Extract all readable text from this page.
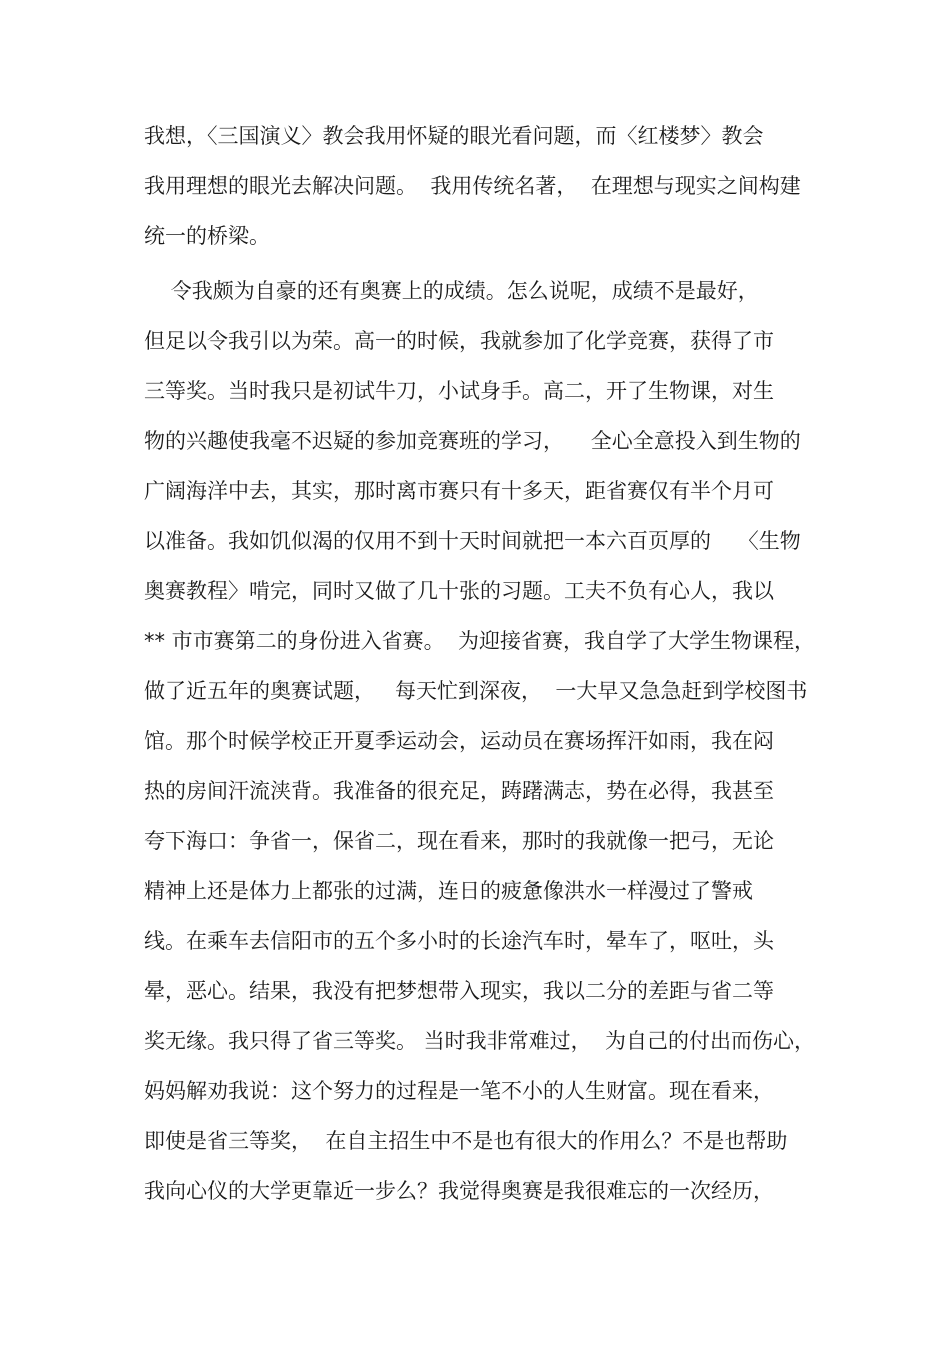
我想，〈三国演义〉教会我用怀疑的眼光看问题，而〈红楼梦〉教会
我用理想的眼光去解决问题。  我用传统名著，  在理想与现实之间构建
统一的桥梁。
令我颇为自豪的还有奥赛上的成绩。怎么说呢，成绩不是最好，
但足以令我引以为荣。高一的时候，我就参加了化学竞赛，获得了市
三等奖。当时我只是初试牛刀，小试身手。高二，开了生物课，对生
物的兴趣使我毫不迟疑的参加竞赛班的学习，    全心全意投入到生物的
广阔海洋中去，其实，那时离市赛只有十多天，距省赛仅有半个月可
以准备。我如饥似渴的仅用不到十天时间就把一本六百页厚的    〈生物
奥赛教程〉啃完，同时又做了几十张的习题。工夫不负有心人，我以
** 市市赛第二的身份进入省赛。  为迎接省赛，我自学了大学生物课程，
做了近五年的奥赛试题，   每天忙到深夜，  一大早又急急赶到学校图书
馆。那个时候学校正开夏季运动会，运动员在赛场挥汗如雨，我在闷
热的房间汗流浃背。我准备的很充足，踌躇满志，势在必得，我甚至
夸下海口：争省一，保省二，现在看来，那时的我就像一把弓，无论
精神上还是体力上都张的过满，连日的疲惫像洪水一样漫过了警戒
线。在乘车去信阳市的五个多小时的长途汽车时，晕车了，呕吐，头
晕，恶心。结果，我没有把梦想带入现实，我以二分的差距与省二等
奖无缘。我只得了省三等奖。 当时我非常难过，  为自己的付出而伤心，
妈妈解劝我说：这个努力的过程是一笔不小的人生财富。现在看来，
即使是省三等奖，  在自主招生中不是也有很大的作用么？不是也帮助
我向心仪的大学更靠近一步么？我觉得奥赛是我很难忘的一次经历，
